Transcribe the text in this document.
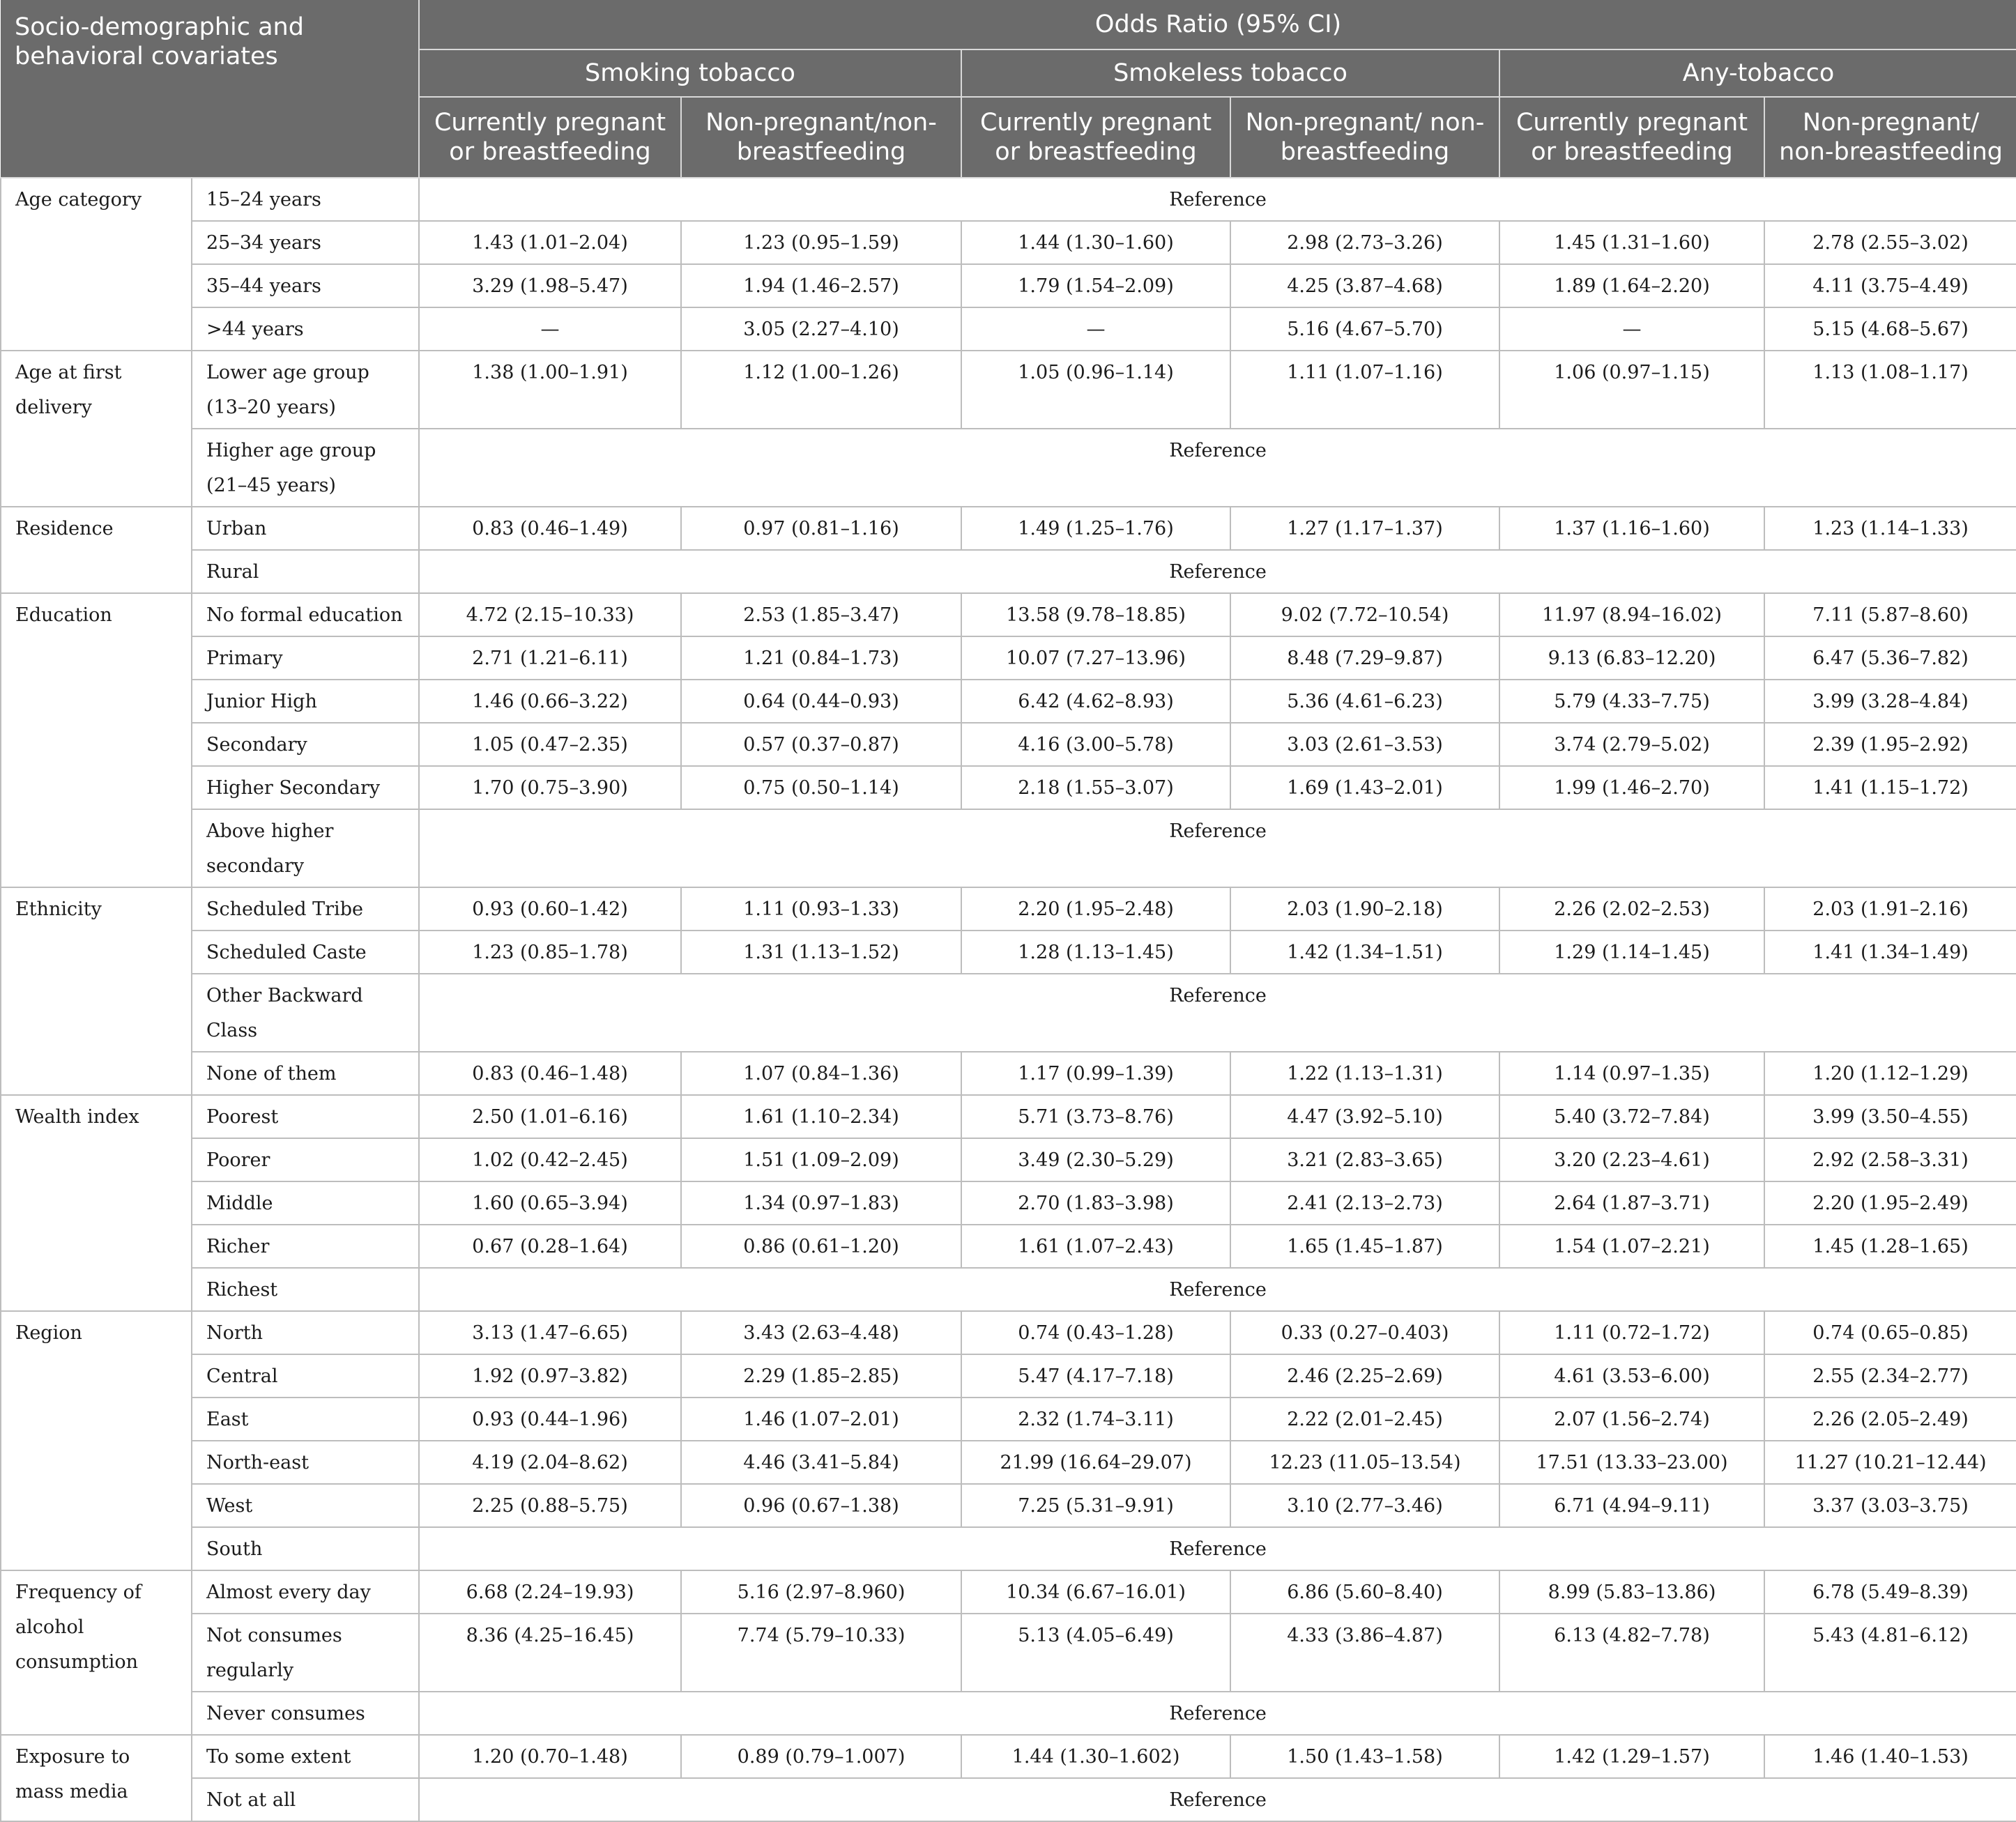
Socio-demographic and behavioral covariates		Odds Ratio (95% CI)					
		Smoking tobacco		Smokeless tobacco		Any-tobacco	
		Currently pregnant or breastfeeding	Non-pregnant/non-breastfeeding	Currently pregnant or breastfeeding	Non-pregnant/ non-breastfeeding	Currently pregnant or breastfeeding	Non-pregnant/ non-breastfeeding
Age category	15–24 years	Reference					
	25–34 years	1.43 (1.01–2.04)	1.23 (0.95–1.59)	1.44 (1.30–1.60)	2.98 (2.73–3.26)	1.45 (1.31–1.60)	2.78 (2.55–3.02)
	35–44 years	3.29 (1.98–5.47)	1.94 (1.46–2.57)	1.79 (1.54–2.09)	4.25 (3.87–4.68)	1.89 (1.64–2.20)	4.11 (3.75–4.49)
	>44 years	—	3.05 (2.27–4.10)	—	5.16 (4.67–5.70)	—	5.15 (4.68–5.67)
Age at first delivery	Lower age group (13–20 years)	1.38 (1.00–1.91)	1.12 (1.00–1.26)	1.05 (0.96–1.14)	1.11 (1.07–1.16)	1.06 (0.97–1.15)	1.13 (1.08–1.17)
	Higher age group (21–45 years)	Reference					
Residence	Urban	0.83 (0.46–1.49)	0.97 (0.81–1.16)	1.49 (1.25–1.76)	1.27 (1.17–1.37)	1.37 (1.16–1.60)	1.23 (1.14–1.33)
	Rural	Reference					
Education	No formal education	4.72 (2.15–10.33)	2.53 (1.85–3.47)	13.58 (9.78–18.85)	9.02 (7.72–10.54)	11.97 (8.94–16.02)	7.11 (5.87–8.60)
	Primary	2.71 (1.21–6.11)	1.21 (0.84–1.73)	10.07 (7.27–13.96)	8.48 (7.29–9.87)	9.13 (6.83–12.20)	6.47 (5.36–7.82)
	Junior High	1.46 (0.66–3.22)	0.64 (0.44–0.93)	6.42 (4.62–8.93)	5.36 (4.61–6.23)	5.79 (4.33–7.75)	3.99 (3.28–4.84)
	Secondary	1.05 (0.47–2.35)	0.57 (0.37–0.87)	4.16 (3.00–5.78)	3.03 (2.61–3.53)	3.74 (2.79–5.02)	2.39 (1.95–2.92)
	Higher Secondary	1.70 (0.75–3.90)	0.75 (0.50–1.14)	2.18 (1.55–3.07)	1.69 (1.43–2.01)	1.99 (1.46–2.70)	1.41 (1.15–1.72)
	Above higher secondary	Reference					
Ethnicity	Scheduled Tribe	0.93 (0.60–1.42)	1.11 (0.93–1.33)	2.20 (1.95–2.48)	2.03 (1.90–2.18)	2.26 (2.02–2.53)	2.03 (1.91–2.16)
	Scheduled Caste	1.23 (0.85–1.78)	1.31 (1.13–1.52)	1.28 (1.13–1.45)	1.42 (1.34–1.51)	1.29 (1.14–1.45)	1.41 (1.34–1.49)
	Other Backward Class	Reference					
	None of them	0.83 (0.46–1.48)	1.07 (0.84–1.36)	1.17 (0.99–1.39)	1.22 (1.13–1.31)	1.14 (0.97–1.35)	1.20 (1.12–1.29)
Wealth index	Poorest	2.50 (1.01–6.16)	1.61 (1.10–2.34)	5.71 (3.73–8.76)	4.47 (3.92–5.10)	5.40 (3.72–7.84)	3.99 (3.50–4.55)
	Poorer	1.02 (0.42–2.45)	1.51 (1.09–2.09)	3.49 (2.30–5.29)	3.21 (2.83–3.65)	3.20 (2.23–4.61)	2.92 (2.58–3.31)
	Middle	1.60 (0.65–3.94)	1.34 (0.97–1.83)	2.70 (1.83–3.98)	2.41 (2.13–2.73)	2.64 (1.87–3.71)	2.20 (1.95–2.49)
	Richer	0.67 (0.28–1.64)	0.86 (0.61–1.20)	1.61 (1.07–2.43)	1.65 (1.45–1.87)	1.54 (1.07–2.21)	1.45 (1.28–1.65)
	Richest	Reference					
Region	North	3.13 (1.47–6.65)	3.43 (2.63–4.48)	0.74 (0.43–1.28)	0.33 (0.27–0.403)	1.11 (0.72–1.72)	0.74 (0.65–0.85)
	Central	1.92 (0.97–3.82)	2.29 (1.85–2.85)	5.47 (4.17–7.18)	2.46 (2.25–2.69)	4.61 (3.53–6.00)	2.55 (2.34–2.77)
	East	0.93 (0.44–1.96)	1.46 (1.07–2.01)	2.32 (1.74–3.11)	2.22 (2.01–2.45)	2.07 (1.56–2.74)	2.26 (2.05–2.49)
	North-east	4.19 (2.04–8.62)	4.46 (3.41–5.84)	21.99 (16.64–29.07)	12.23 (11.05–13.54)	17.51 (13.33–23.00)	11.27 (10.21–12.44)
	West	2.25 (0.88–5.75)	0.96 (0.67–1.38)	7.25 (5.31–9.91)	3.10 (2.77–3.46)	6.71 (4.94–9.11)	3.37 (3.03–3.75)
	South	Reference					
Frequency of alcohol consumption	Almost every day	6.68 (2.24–19.93)	5.16 (2.97–8.960)	10.34 (6.67–16.01)	6.86 (5.60–8.40)	8.99 (5.83–13.86)	6.78 (5.49–8.39)
	Not consumes regularly	8.36 (4.25–16.45)	7.74 (5.79–10.33)	5.13 (4.05–6.49)	4.33 (3.86–4.87)	6.13 (4.82–7.78)	5.43 (4.81–6.12)
	Never consumes	Reference					
Exposure to mass media	To some extent	1.20 (0.70–1.48)	0.89 (0.79–1.007)	1.44 (1.30–1.602)	1.50 (1.43–1.58)	1.42 (1.29–1.57)	1.46 (1.40–1.53)
	Not at all	Reference					
